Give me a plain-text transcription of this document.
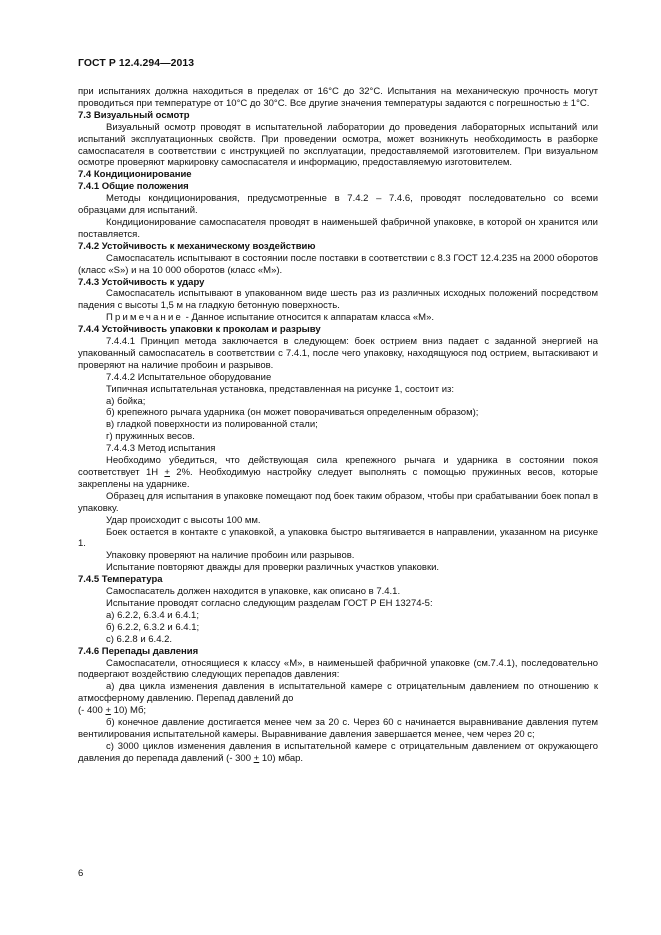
ГОСТ Р 12.4.294—2013

при испытаниях должна находиться в пределах от 16°С до 32°С. Испытания на механическую прочность могут проводиться при температуре от 10°С до 30°С. Все другие значения температуры задаются с погрешностью ± 1°С.

7.3 Визуальный осмотр

Визуальный осмотр проводят в испытательной лаборатории до проведения лабораторных испытаний или испытаний эксплуатационных свойств. При проведении осмотра, может возникнуть необходимость в разборке самоспасателя в соответствии с инструкцией по эксплуатации, предоставляемой изготовителем. При визуальном осмотре проверяют маркировку самоспасателя и информацию, предоставляемую изготовителем.

7.4 Кондиционирование

7.4.1 Общие положения

Методы кондиционирования, предусмотренные в 7.4.2 – 7.4.6, проводят последовательно со всеми образцами для испытаний.

Кондиционирование самоспасателя проводят в наименьшей фабричной упаковке, в которой он хранится или поставляется.

7.4.2 Устойчивость к механическому воздействию

Самоспасатель испытывают в состоянии после поставки в соответствии с 8.3 ГОСТ 12.4.235 на 2000 оборотов (класс «S») и на 10 000 оборотов (класс «М»).

7.4.3 Устойчивость к удару

Самоспасатель испытывают в упакованном виде шесть раз из различных исходных положений посредством падения с высоты 1,5 м на гладкую бетонную поверхность.

Примечание - Данное испытание относится к аппаратам класса «М».

7.4.4 Устойчивость упаковки к проколам и разрыву

7.4.4.1 Принцип метода заключается в следующем: боек острием вниз падает с заданной энергией на упакованный самоспасатель в соответствии с 7.4.1, после чего упаковку, находящуюся под острием, вытаскивают и проверяют на наличие пробоин и разрывов.

7.4.4.2 Испытательное оборудование

Типичная испытательная установка, представленная на рисунке 1, состоит из:

а) бойка;

б) крепежного рычага ударника (он может поворачиваться определенным образом);

в) гладкой поверхности из полированной стали;

г) пружинных весов.

7.4.4.3 Метод испытания

Необходимо убедиться, что действующая сила крепежного рычага и ударника в состоянии покоя соответствует 1Н + 2%. Необходимую настройку следует выполнять с помощью пружинных весов, которые закреплены на ударнике.

Образец для испытания в упаковке помещают под боек таким образом, чтобы при срабатывании боек попал в упаковку.

Удар происходит с высоты 100 мм.

Боек остается в контакте с упаковкой, а упаковка быстро вытягивается в направлении, указанном на рисунке 1.

Упаковку проверяют на наличие пробоин или разрывов.

Испытание повторяют дважды для проверки различных участков упаковки.

7.4.5 Температура

Самоспасатель должен находится в упаковке, как описано в 7.4.1.

Испытание проводят согласно следующим разделам ГОСТ Р ЕН 13274-5:

а) 6.2.2, 6.3.4 и 6.4.1;

б) 6.2.2, 6.3.2 и 6.4.1;

с) 6.2.8 и 6.4.2.

7.4.6 Перепады давления

Самоспасатели, относящиеся к классу «М», в наименьшей фабричной упаковке (см.7.4.1), последовательно подвергают воздействию следующих перепадов давления:

а) два цикла изменения давления в испытательной камере с отрицательным давлением по отношению к атмосферному давлению. Перепад давлений до

(- 400 + 10) Мб;

б) конечное давление достигается менее чем за 20 с. Через 60 с начинается выравнивание давления путем вентилирования испытательной камеры. Выравнивание давления завершается менее, чем через 20 с;

с) 3000 циклов изменения давления в испытательной камере с отрицательным давлением от окружающего давления до перепада давлений (- 300 + 10) мбар.

6
